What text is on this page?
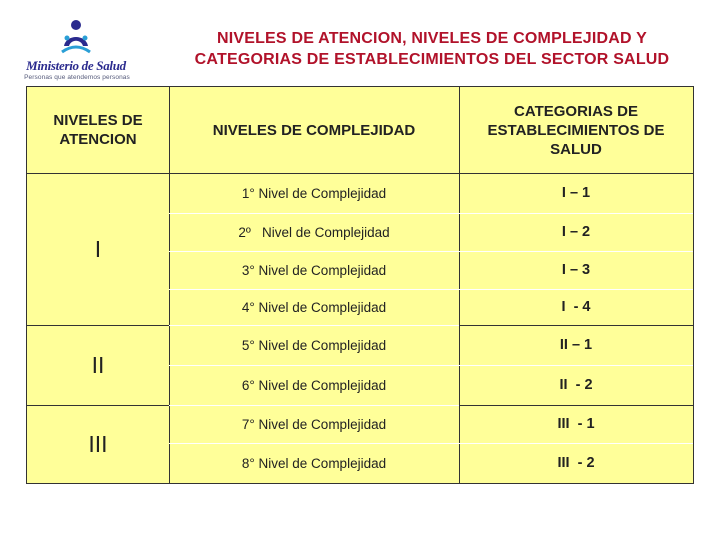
Ministerio de Salud
Personas que atendemos personas
NIVELES DE ATENCION, NIVELES DE COMPLEJIDAD Y
CATEGORIAS DE ESTABLECIMIENTOS DEL SECTOR SALUD
NIVELES DE
ATENCION
NIVELES DE COMPLEJIDAD
CATEGORIAS DE
ESTABLECIMIENTOS DE
SALUD
I
II
III
1° Nivel de Complejidad
2º   Nivel de Complejidad
3° Nivel de Complejidad
4° Nivel de Complejidad
5° Nivel de Complejidad
6° Nivel de Complejidad
7° Nivel de Complejidad
8° Nivel de Complejidad
I – 1
I – 2
I – 3
I  - 4
II – 1
II  - 2
III  - 1
III  - 2
